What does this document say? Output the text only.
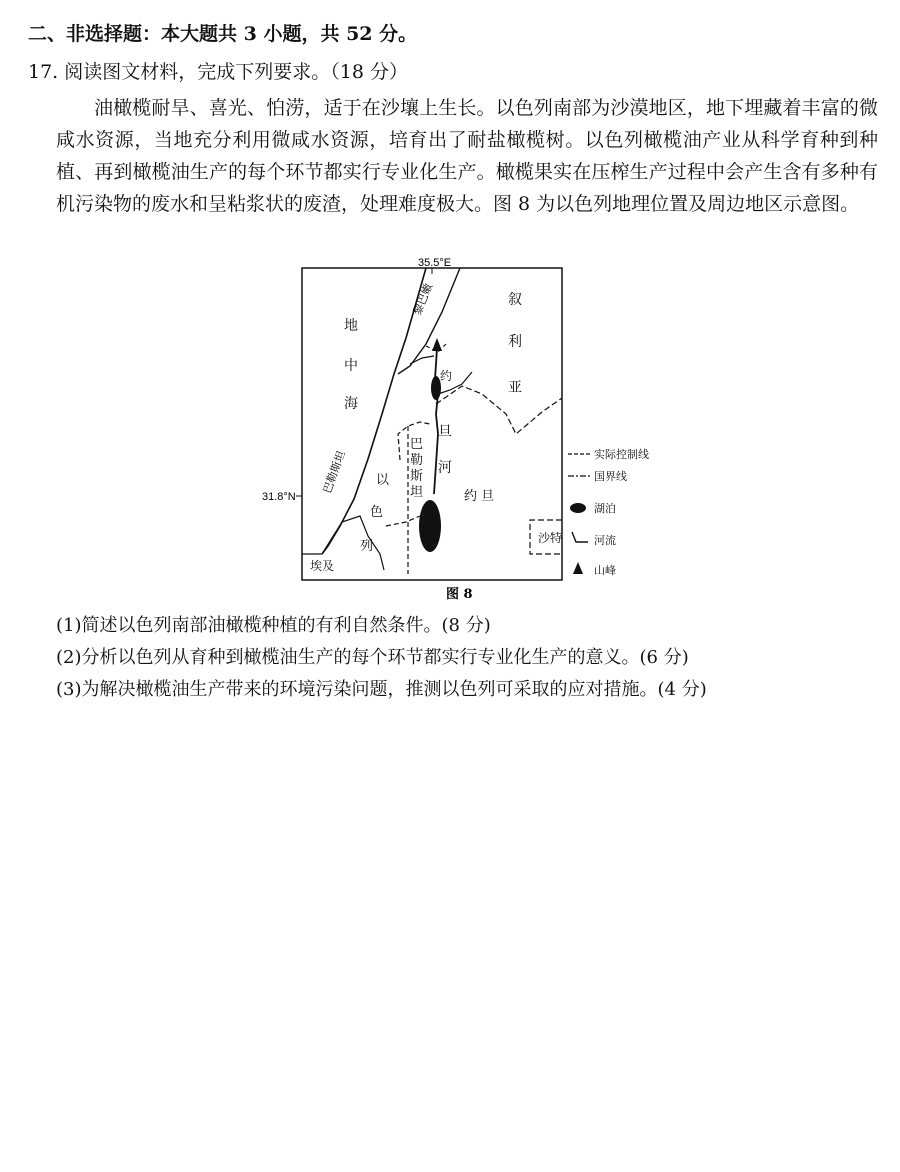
二、非选择题：本大题共 3 小题，共 52 分。
17. 阅读图文材料，完成下列要求。（18 分）
油橄榄耐旱、喜光、怕涝，适于在沙壤上生长。以色列南部为沙漠地区，地下埋藏着丰富的微咸水资源，当地充分利用微咸水资源，培育出了耐盐橄榄树。以色列橄榄油产业从科学育种到种植、再到橄榄油生产的每个环节都实行专业化生产。橄榄果实在压榨生产过程中会产生含有多种有机污染物的废水和呈粘浆状的废渣，处理难度极大。图 8 为以色列地理位置及周边地区示意图。
35.5°E
31.8°N
地
中
海
叙
利
亚
约
旦
河
巴
勒
斯
坦
以
色
列
约 旦
埃及
沙特
巴勒斯坦
黎巴嫩
实际控制线
国界线
湖泊
河流
山峰
图 8
(1)简述以色列南部油橄榄种植的有利自然条件。(8 分)
(2)分析以色列从育种到橄榄油生产的每个环节都实行专业化生产的意义。(6 分)
(3)为解决橄榄油生产带来的环境污染问题，推测以色列可采取的应对措施。(4 分)
